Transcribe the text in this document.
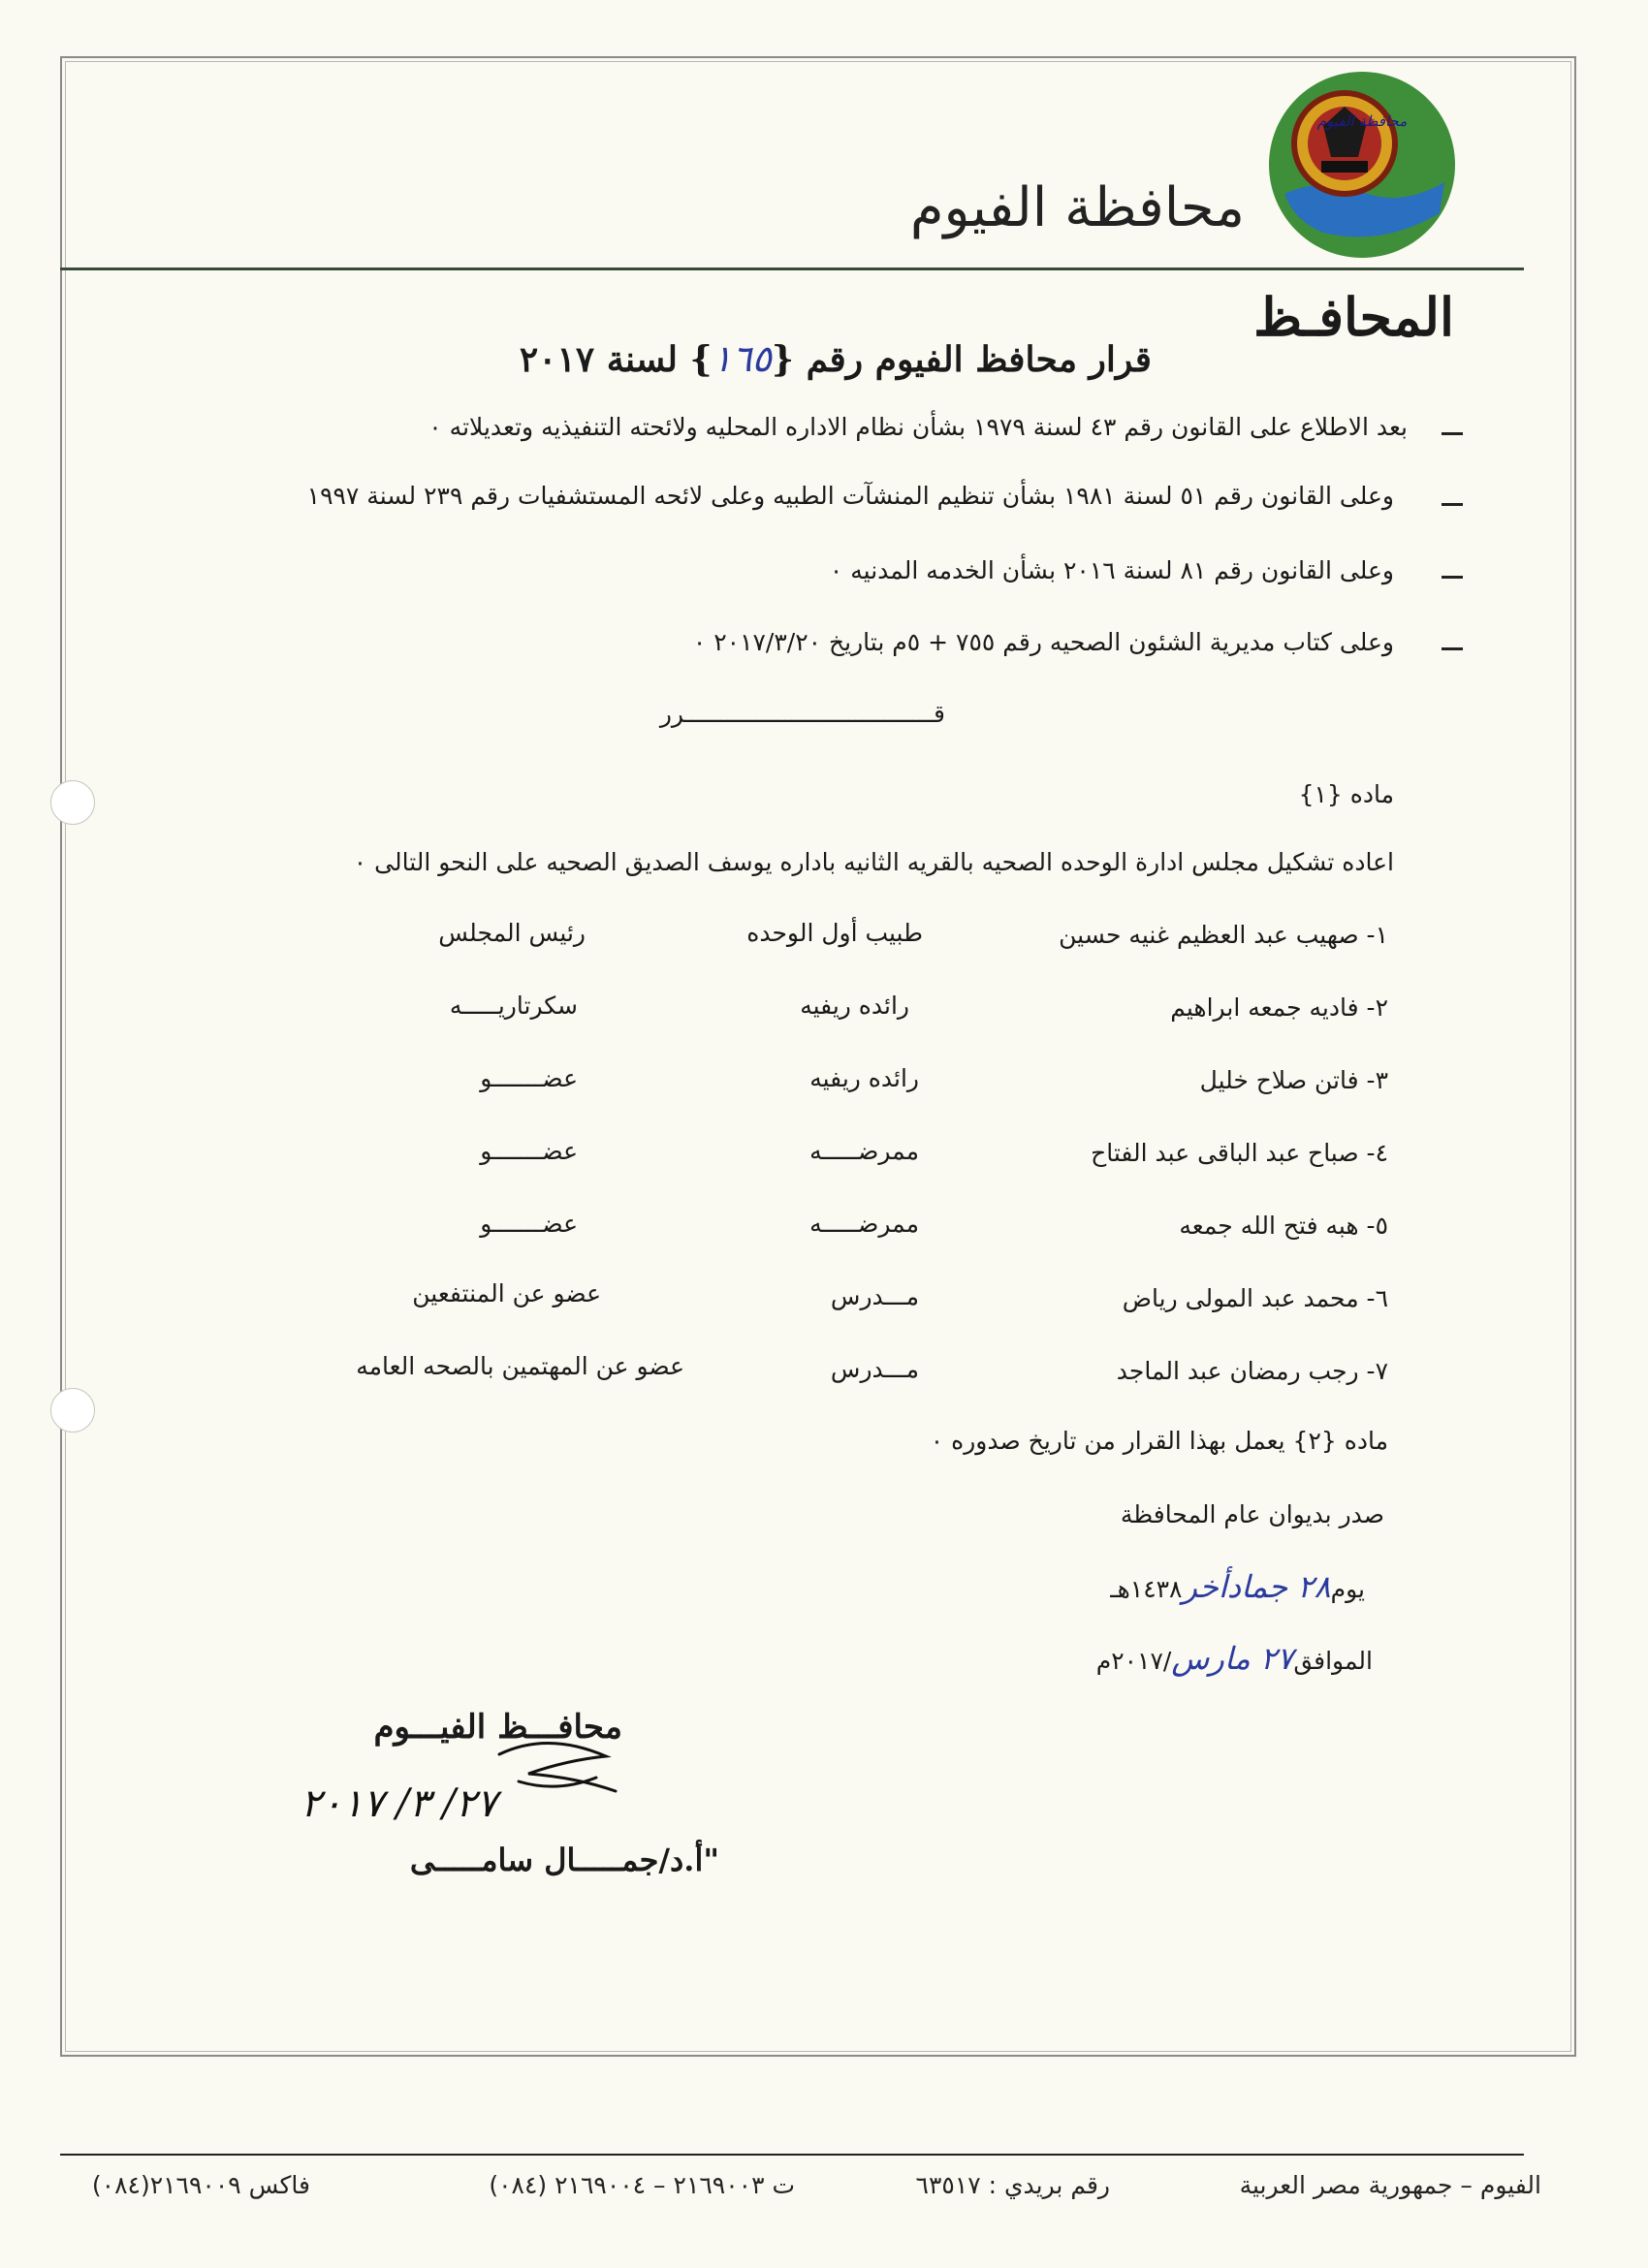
محافظة الفيوم
محافظة الفيوم
المحافـظ
قرار محافظ الفيوم رقم {١٦٥} لسنة ٢٠١٧
بعد الاطلاع على القانون رقم ٤٣ لسنة ١٩٧٩ بشأن نظام الاداره المحليه ولائحته التنفيذيه وتعديلاته ٠
وعلى القانون رقم ٥١ لسنة ١٩٨١ بشأن تنظيم المنشآت الطبيه وعلى لائحه المستشفيات رقم ٢٣٩ لسنة ١٩٩٧
وعلى القانون رقم ٨١ لسنة ٢٠١٦ بشأن الخدمه المدنيه ٠
وعلى كتاب مديرية الشئون الصحيه رقم ٧٥٥ + ٥م بتاريخ ٢٠١٧/٣/٢٠ ٠
قـــــــــــــــــــــــــــــــــــرر
ماده {١}
اعاده تشكيل مجلس ادارة الوحده الصحيه بالقريه الثانيه باداره يوسف الصديق الصحيه على النحو التالى ٠
١- صهيب عبد العظيم غنيه حسين
طبيب أول الوحده
رئيس المجلس
٢- فاديه جمعه ابراهيم
رائده ريفيه
سكرتاريـــــه
٣- فاتن صلاح خليل
رائده ريفيه
عضـــــــو
٤- صباح عبد الباقى عبد الفتاح
ممرضـــــه
عضـــــــو
٥- هبه فتح الله جمعه
ممرضـــــه
عضـــــــو
٦- محمد عبد المولى رياض
مـــدرس
عضو عن المنتفعين
٧- رجب رمضان عبد الماجد
مـــدرس
عضو عن المهتمين بالصحه العامه
ماده {٢} يعمل بهذا القرار من تاريخ صدوره ٠
صدر بديوان عام المحافظة
يوم٢٨ جمادأخر١٤٣٨هـ
الموافق٢٧ مارس/٢٠١٧م
محافـــظ الفيـــوم
٢٧/ ٣/ ٢٠١٧
"أ.د/جمـــــال سامـــــى
الفيوم – جمهورية مصر العربية
رقم بريدي : ٦٣٥١٧
ت ٢١٦٩٠٠٣ – ٢١٦٩٠٠٤ (٠٨٤)
فاكس ٢١٦٩٠٠٩(٠٨٤)
